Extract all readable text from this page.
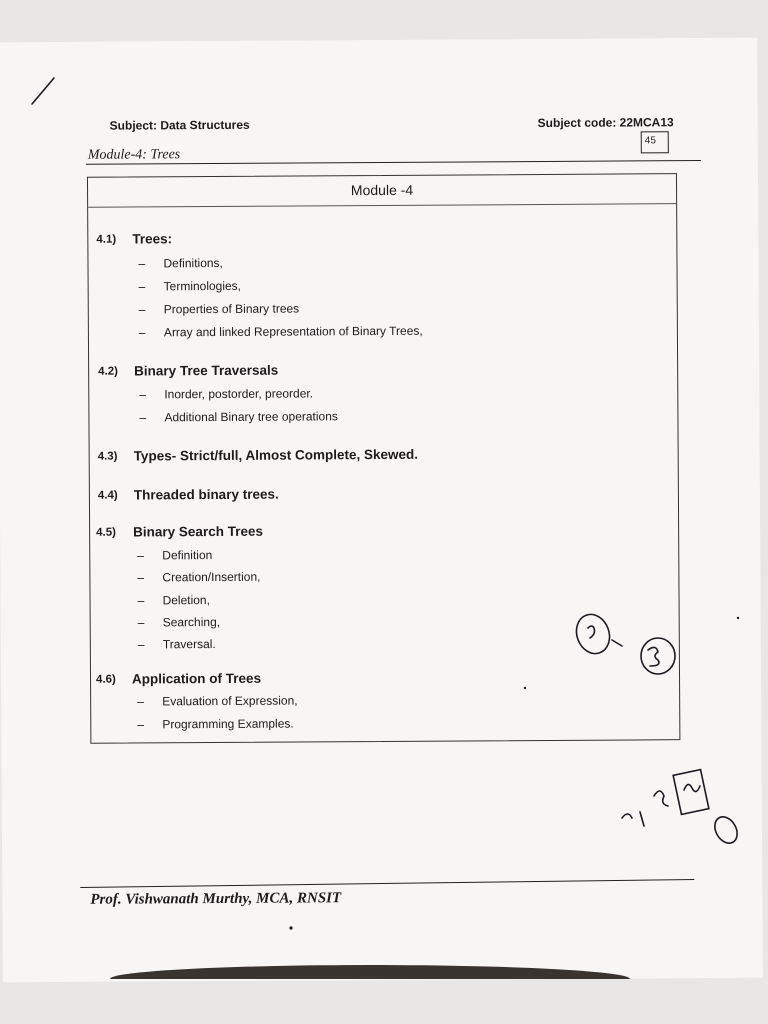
Subject: Data Structures	Subject code: 22MCA13
45
Module-4: Trees
Module -4
4.1) Trees:
– Definitions,
– Terminologies,
– Properties of Binary trees
– Array and linked Representation of Binary Trees,
4.2) Binary Tree Traversals
– Inorder, postorder, preorder.
– Additional Binary tree operations
4.3) Types- Strict/full, Almost Complete, Skewed.
4.4) Threaded binary trees.
4.5) Binary Search Trees
– Definition
– Creation/Insertion,
– Deletion,
– Searching,
– Traversal.
4.6) Application of Trees
– Evaluation of Expression,
– Programming Examples.
Prof. Vishwanath Murthy, MCA, RNSIT
